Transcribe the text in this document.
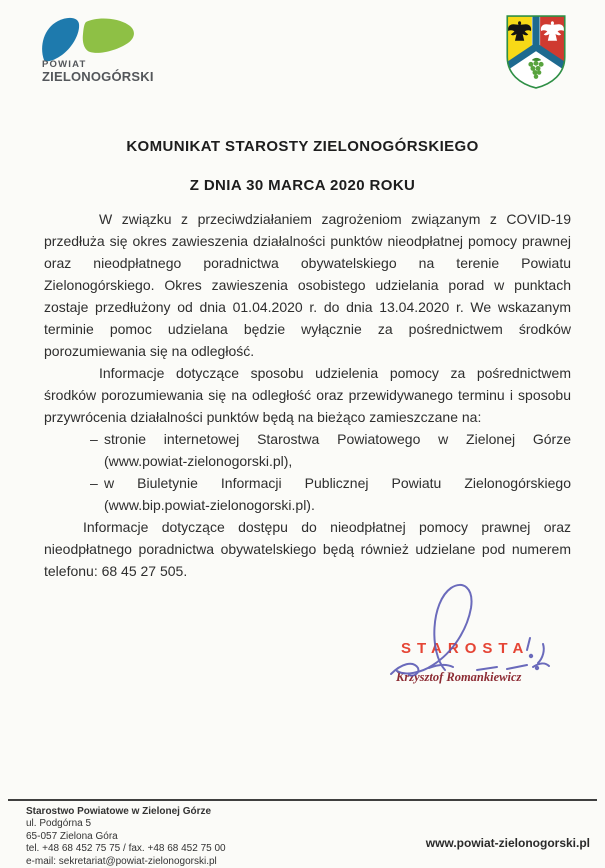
POWIAT
ZIELONOGÓRSKI
KOMUNIKAT STAROSTY ZIELONOGÓRSKIEGO
Z DNIA 30 MARCA 2020 ROKU

W związku z przeciwdziałaniem zagrożeniom związanym z COVID-19 przedłuża się okres zawieszenia działalności punktów nieodpłatnej pomocy prawnej oraz nieodpłatnego poradnictwa obywatelskiego na terenie Powiatu Zielonogórskiego. Okres zawieszenia osobistego udzielania porad w punktach zostaje przedłużony od dnia 01.04.2020 r. do dnia 13.04.2020 r. We wskazanym terminie pomoc udzielana będzie wyłącznie za pośrednictwem środków porozumiewania się na odległość.

Informacje dotyczące sposobu udzielenia pomocy za pośrednictwem środków porozumiewania się na odległość oraz przewidywanego terminu i sposobu przywrócenia działalności punktów będą na bieżąco zamieszczane na:

– stronie internetowej Starostwa Powiatowego w Zielonej Górze (www.powiat-zielonogorski.pl),
– w Biuletynie Informacji Publicznej Powiatu Zielonogórskiego (www.bip.powiat-zielonogorski.pl).

Informacje dotyczące dostępu do nieodpłatnej pomocy prawnej oraz nieodpłatnego poradnictwa obywatelskiego będą również udzielane pod numerem telefonu: 68 45 27 505.

STAROSTA
Krzysztof Romankiewicz
Starostwo Powiatowe w Zielonej Górze
ul. Podgórna 5
65-057 Zielona Góra
tel. +48 68 452 75 75 / fax. +48 68 452 75 00
e-mail: sekretariat@powiat-zielonogorski.pl
www.powiat-zielonogorski.pl
